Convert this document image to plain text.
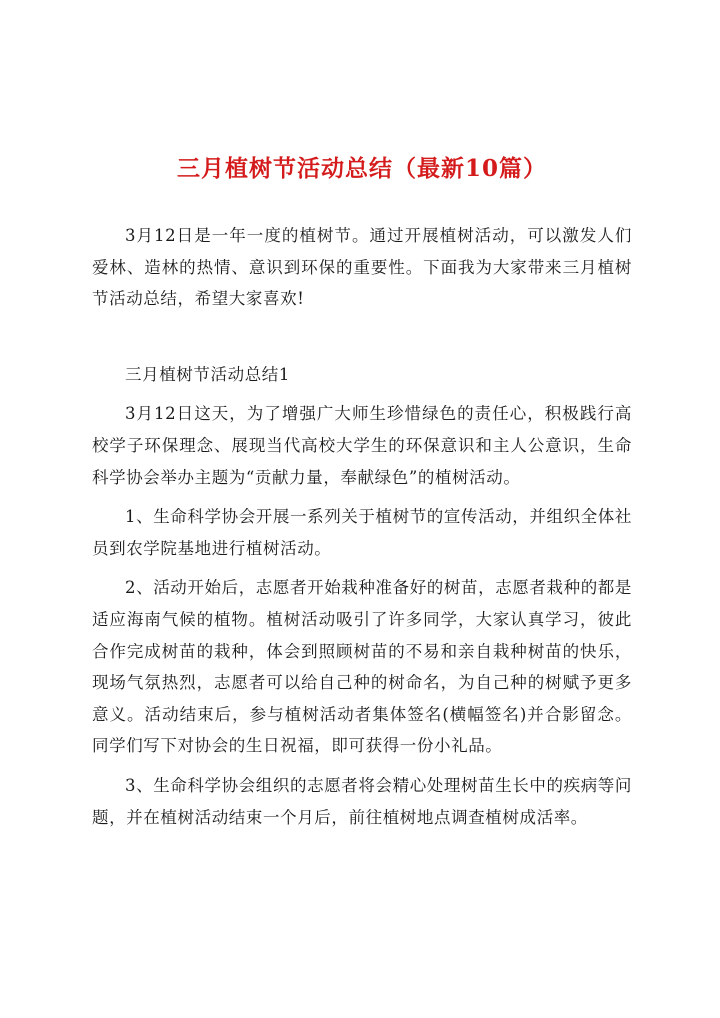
三月植树节活动总结（最新10篇）

3月12日是一年一度的植树节。通过开展植树活动，可以激发人们爱林、造林的热情、意识到环保的重要性。下面我为大家带来三月植树节活动总结，希望大家喜欢!

三月植树节活动总结1

3月12日这天，为了增强广大师生珍惜绿色的责任心，积极践行高校学子环保理念、展现当代高校大学生的环保意识和主人公意识，生命科学协会举办主题为“贡献力量，奉献绿色”的植树活动。

1、生命科学协会开展一系列关于植树节的宣传活动，并组织全体社员到农学院基地进行植树活动。

2、活动开始后，志愿者开始栽种准备好的树苗，志愿者栽种的都是适应海南气候的植物。植树活动吸引了许多同学，大家认真学习，彼此合作完成树苗的栽种，体会到照顾树苗的不易和亲自栽种树苗的快乐，现场气氛热烈，志愿者可以给自己种的树命名，为自己种的树赋予更多意义。活动结束后，参与植树活动者集体签名(横幅签名)并合影留念。同学们写下对协会的生日祝福，即可获得一份小礼品。

3、生命科学协会组织的志愿者将会精心处理树苗生长中的疾病等问题，并在植树活动结束一个月后，前往植树地点调查植树成活率。
